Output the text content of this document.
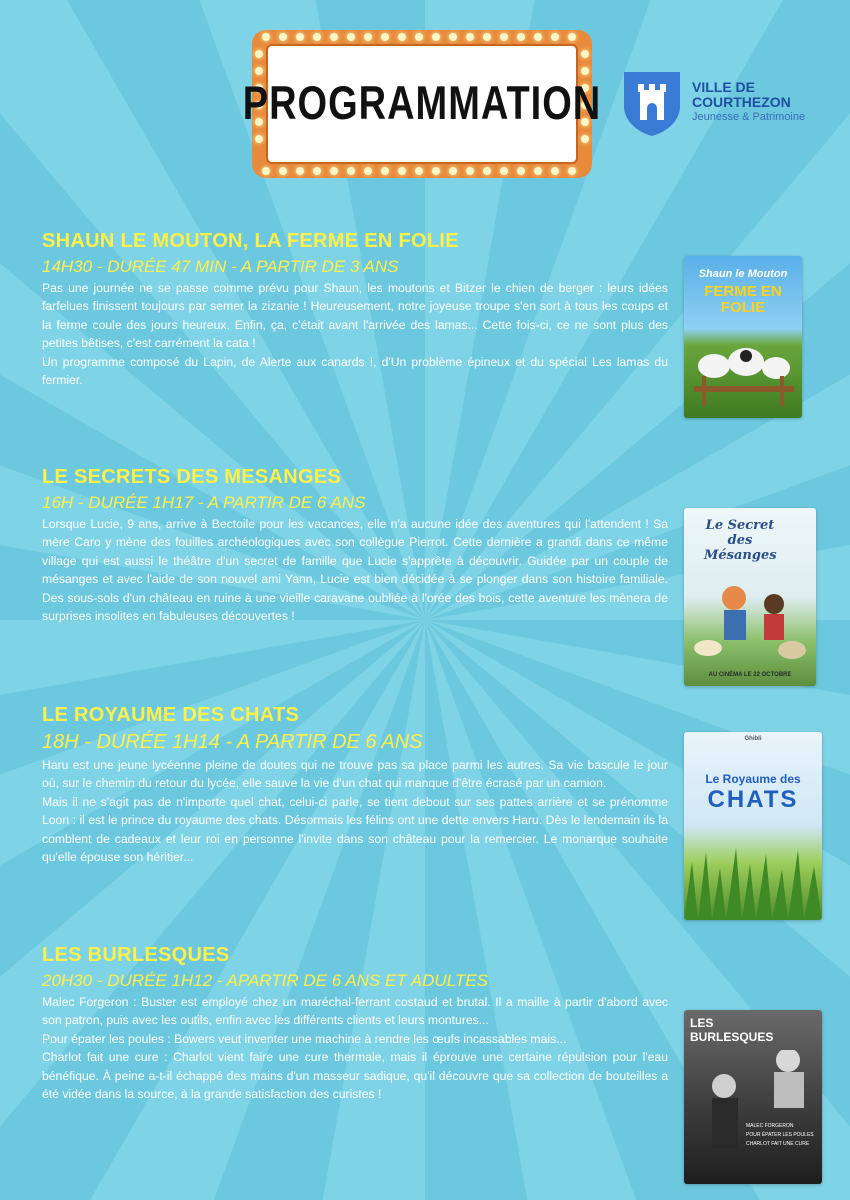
PROGRAMMATION	VILLE DE
COURTHEZON
Jeunesse & Patrimoine
SHAUN LE MOUTON, LA FERME EN FOLIE
14H30 - DURÉE 47 MIN - A PARTIR DE 3 ANS

Pas une journée ne se passe comme prévu pour Shaun, les moutons et Bitzer le chien de berger : leurs idées farfelues finissent toujours par semer la zizanie ! Heureusement, notre joyeuse troupe s'en sort à tous les coups et la ferme coule des jours heureux. Enfin, ça, c'était avant l'arrivée des lamas... Cette fois-ci, ce ne sont plus des petites bêtises, c'est carrément la cata !

Un programme composé du Lapin, de Alerte aux canards !, d'Un problème épineux et du spécial Les lamas du fermier.

Shaun le Mouton
FERME EN FOLIE
LE SECRETS DES MESANGES
16H - DURÉE 1H17 - A PARTIR DE 6 ANS

Lorsque Lucie, 9 ans, arrive à Bectoile pour les vacances, elle n'a aucune idée des aventures qui l'attendent ! Sa mère Caro y mène des fouilles archéologiques avec son collègue Pierrot. Cette dernière a grandi dans ce même village qui est aussi le théâtre d'un secret de famille que Lucie s'apprête à découvrir. Guidée par un couple de mésanges et avec l'aide de son nouvel ami Yann, Lucie est bien décidée à se plonger dans son histoire familiale. Des sous-sols d'un château en ruine à une vieille caravane oubliée à l'orée des bois, cette aventure les mènera de surprises insolites en fabuleuses découvertes !

Le Secret des Mésanges
AU CINÉMA LE 22 OCTOBRE
LE ROYAUME DES CHATS
18H - DURÉE 1H14 - A PARTIR DE 6 ANS

Haru est une jeune lycéenne pleine de doutes qui ne trouve pas sa place parmi les autres. Sa vie bascule le jour où, sur le chemin du retour du lycée, elle sauve la vie d'un chat qui manque d'être écrasé par un camion.

Mais il ne s'agit pas de n'importe quel chat, celui-ci parle, se tient debout sur ses pattes arrière et se prénomme Loon : il est le prince du royaume des chats. Désormais les félins ont une dette envers Haru. Dès le lendemain ils la comblent de cadeaux et leur roi en personne l'invite dans son château pour la remercier. Le monarque souhaite qu'elle épouse son héritier...

Ghibli
Le Royaume des
CHATS
LES BURLESQUES
20H30 - DURÉE 1H12 - APARTIR DE 6 ANS ET ADULTES

Malec Forgeron : Buster est employé chez un maréchal-ferrant costaud et brutal. Il a maille à partir d'abord avec son patron, puis avec les outils, enfin avec les différents clients et leurs montures...

Pour épater les poules : Bowers veut inventer une machine à rendre les œufs incassables mais...

Charlot fait une cure : Charlot vient faire une cure thermale, mais il éprouve une certaine répulsion pour l'eau bénéfique. À peine a-t-il échappé des mains d'un masseur sadique, qu'il découvre que sa collection de bouteilles a été vidée dans la source, à la grande satisfaction des curistes !

LES BURLESQUES
MALEC FORGERON
POUR ÉPATER LES POULES
CHARLOT FAIT UNE CURE
